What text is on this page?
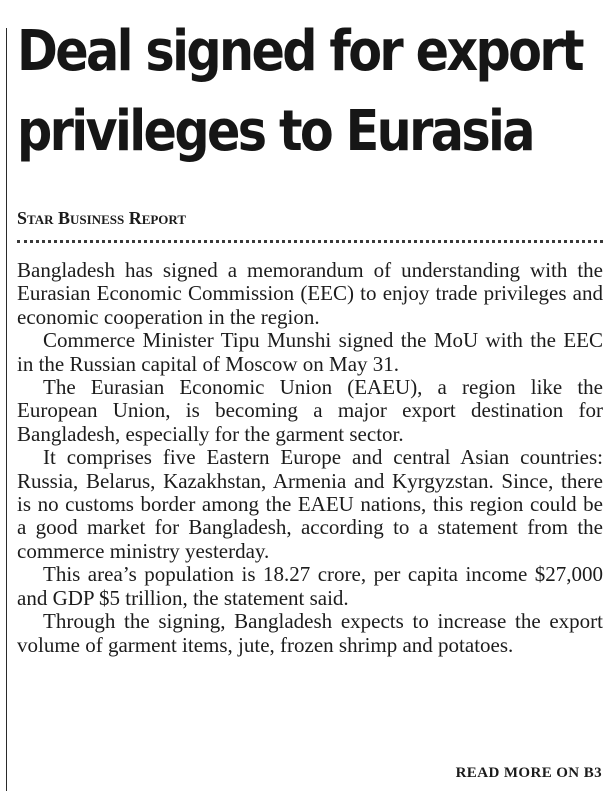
Deal signed for export
privileges to Eurasia
Star Business Report

Bangladesh has signed a memorandum of understanding with the Eurasian Economic Commission (EEC) to enjoy trade privileges and economic cooperation in the region.

Commerce Minister Tipu Munshi signed the MoU with the EEC in the Russian capital of Moscow on May 31.

The Eurasian Economic Union (EAEU), a region like the European Union, is becoming a major export destination for Bangladesh, especially for the garment sector.

It comprises five Eastern Europe and central Asian countries: Russia, Belarus, Kazakhstan, Armenia and Kyrgyzstan. Since, there is no customs border among the EAEU nations, this region could be a good market for Bangladesh, according to a statement from the commerce ministry yesterday.

This area’s population is 18.27 crore, per capita income $27,000 and GDP $5 trillion, the statement said.

Through the signing, Bangladesh expects to increase the export volume of garment items, jute, frozen shrimp and potatoes.

READ MORE ON B3
